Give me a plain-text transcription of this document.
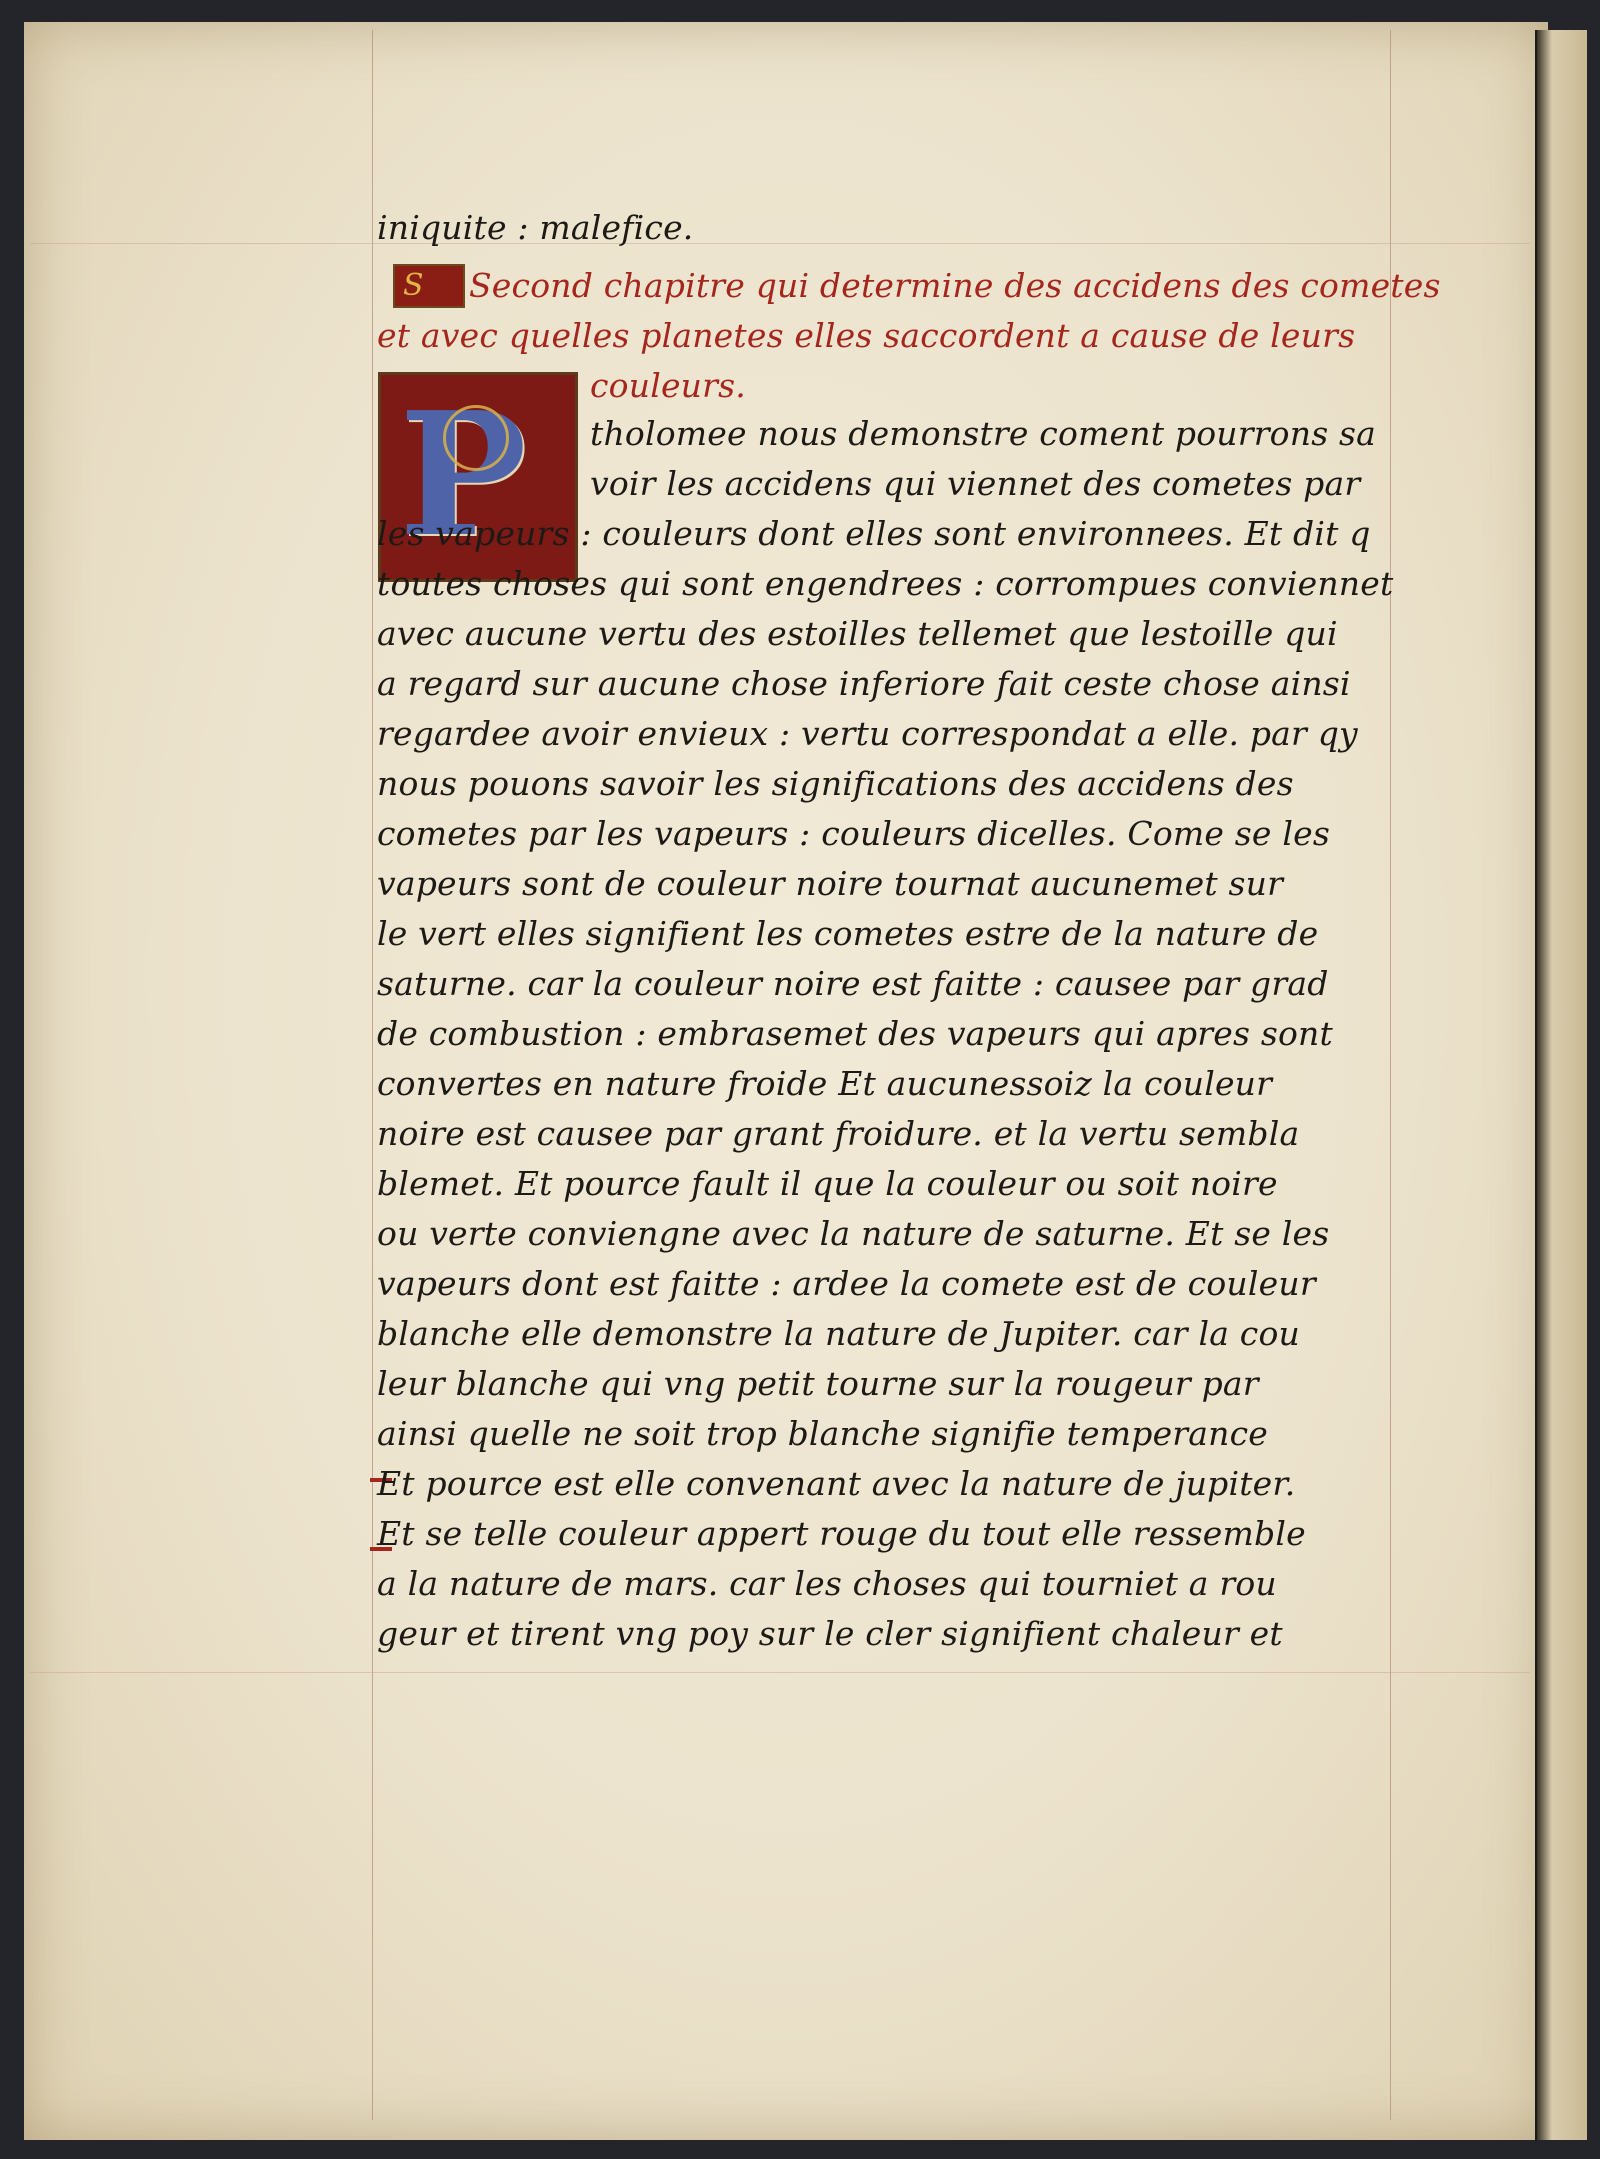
S
P
iniquite : malefice.
Second chapitre qui determine des accidens des cometes
et avec quelles planetes elles saccordent a cause de leurs
couleurs.
tholomee nous demonstre coment pourrons sa
voir les accidens qui viennet des cometes par
les vapeurs : couleurs dont elles sont environnees. Et dit q
toutes choses qui sont engendrees : corrompues conviennet
avec aucune vertu des estoilles tellemet que lestoille qui
a regard sur aucune chose inferiore fait ceste chose ainsi
regardee avoir envieux : vertu correspondat a elle. par qy
nous pouons savoir les significations des accidens des
cometes par les vapeurs : couleurs dicelles. Come se les
vapeurs sont de couleur noire tournat aucunemet sur
le vert elles signifient les cometes estre de la nature de
saturne. car la couleur noire est faitte : causee par grad
de combustion : embrasemet des vapeurs qui apres sont
convertes en nature froide Et aucunessoiz la couleur
noire est causee par grant froidure. et la vertu sembla
blemet. Et pource fault il que la couleur ou soit noire
ou verte conviengne avec la nature de saturne. Et se les
vapeurs dont est faitte : ardee la comete est de couleur
blanche elle demonstre la nature de Jupiter. car la cou
leur blanche qui vng petit tourne sur la rougeur par
ainsi quelle ne soit trop blanche signifie temperance
Et pource est elle convenant avec la nature de jupiter.
Et se telle couleur appert rouge du tout elle ressemble
a la nature de mars. car les choses qui tourniet a rou
geur et tirent vng poy sur le cler signifient chaleur et
